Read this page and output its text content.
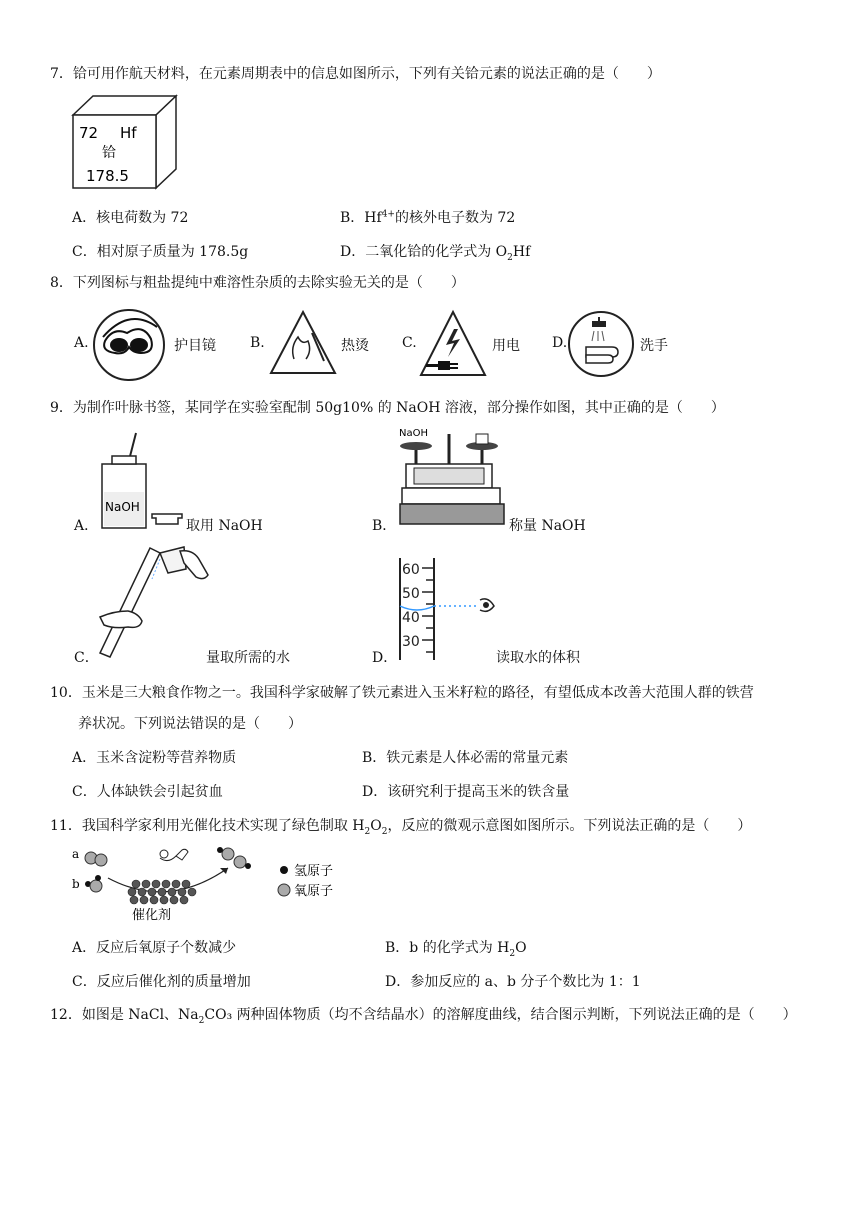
7．铪可用作航天材料，在元素周期表中的信息如图所示，下列有关铪元素的说法正确的是（　　）
72 Hf
铪
178.5
A．核电荷数为 72	B．$Hf^{4+}$的核外电子数为 72
C．相对原子质量为 178.5g	D．二氧化铪的化学式为 $O_2Hf$
8．下列图标与粗盐提纯中难溶性杂质的去除实验无关的是（　　）
A.	护目镜 B.	热烫 C.	用电 D.	洗手
9．为制作叶脉书签，某同学在实验室配制 50g10% 的 NaOH 溶液，部分操作如图，其中正确的是（　　）
A．
NaOH
取用 NaOH	B．
NaOH
称量 NaOH
C．	量取所需的水	D．
60
50
40
30
读取水的体积
10．玉米是三大粮食作物之一。我国科学家破解了铁元素进入玉米籽粒的路径，有望低成本改善大范围人群的铁营
养状况。下列说法错误的是（　　）
A．玉米含淀粉等营养物质	B．铁元素是人体必需的常量元素
C．人体缺铁会引起贫血	D．该研究利于提高玉米的铁含量
11．我国科学家利用光催化技术实现了绿色制取 $H_2O_2$，反应的微观示意图如图所示。下列说法正确的是（　　）
a
b
催化剂
氢原子
氧原子
A．反应后氧原子个数减少	B．b 的化学式为 $H_2O$
C．反应后催化剂的质量增加	D．参加反应的 a、b 分子个数比为 1：1
12．如图是 NaCl、$Na_2CO_3$ 两种固体物质（均不含结晶水）的溶解度曲线，结合图示判断，下列说法正确的是（　　）
